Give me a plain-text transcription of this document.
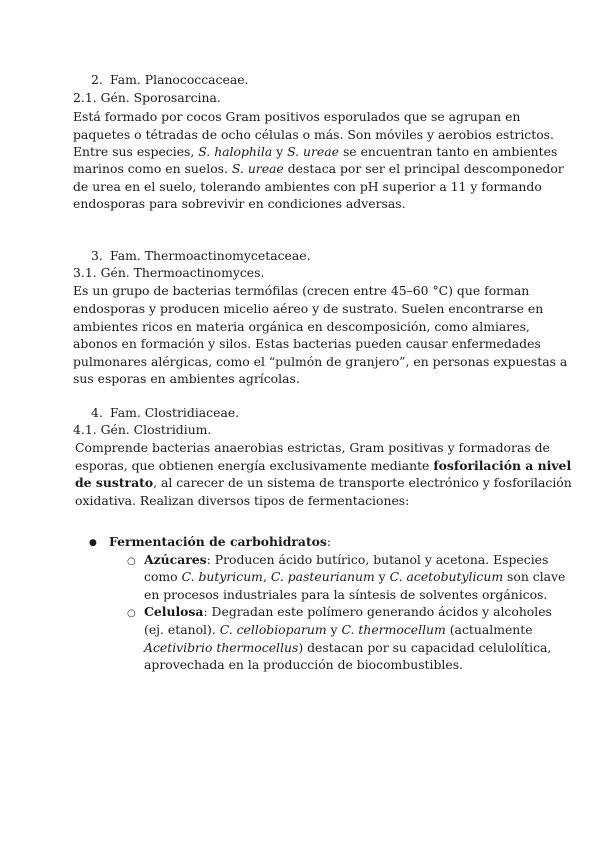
2. Fam. Planococcaceae.
2.1. Gén. Sporosarcina.
Está formado por cocos Gram positivos esporulados que se agrupan en
paquetes o tétradas de ocho células o más. Son móviles y aerobios estrictos.
Entre sus especies, S. halophila y S. ureae se encuentran tanto en ambientes
marinos como en suelos. S. ureae destaca por ser el principal descomponedor
de urea en el suelo, tolerando ambientes con pH superior a 11 y formando
endosporas para sobrevivir en condiciones adversas.
3. Fam. Thermoactinomycetaceae.
3.1. Gén. Thermoactinomyces.
Es un grupo de bacterias termófilas (crecen entre 45–60 °C) que forman
endosporas y producen micelio aéreo y de sustrato. Suelen encontrarse en
ambientes ricos en materia orgánica en descomposición, como almiares,
abonos en formación y silos. Estas bacterias pueden causar enfermedades
pulmonares alérgicas, como el “pulmón de granjero”, en personas expuestas a
sus esporas en ambientes agrícolas.
4. Fam. Clostridiaceae.
4.1. Gén. Clostridium.
Comprende bacterias anaerobias estrictas, Gram positivas y formadoras de
esporas, que obtienen energía exclusivamente mediante fosforilación a nivel
de sustrato, al carecer de un sistema de transporte electrónico y fosforilación
oxidativa. Realizan diversos tipos de fermentaciones:
● Fermentación de carbohidratos:
○ Azúcares: Producen ácido butírico, butanol y acetona. Especies
como C. butyricum, C. pasteurianum y C. acetobutylicum son clave
en procesos industriales para la síntesis de solventes orgánicos.
○ Celulosa: Degradan este polímero generando ácidos y alcoholes
(ej. etanol). C. cellobioparum y C. thermocellum (actualmente
Acetivibrio thermocellus) destacan por su capacidad celulolítica,
aprovechada en la producción de biocombustibles.
